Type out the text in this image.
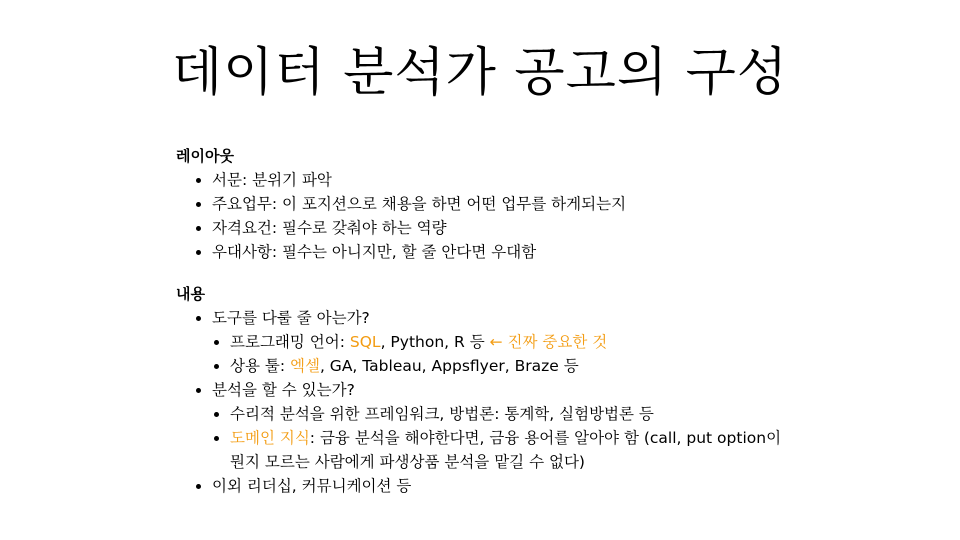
데이터 분석가 공고의 구성
레이아웃
서문: 분위기 파악
주요업무: 이 포지션으로 채용을 하면 어떤 업무를 하게되는지
자격요건: 필수로 갖춰야 하는 역량
우대사항: 필수는 아니지만, 할 줄 안다면 우대함
내용
도구를 다룰 줄 아는가?
프로그래밍 언어: SQL, Python, R 등 ← 진짜 중요한 것
상용 툴: 엑셀, GA, Tableau, Appsflyer, Braze 등
분석을 할 수 있는가?
수리적 분석을 위한 프레임워크, 방법론: 통계학, 실험방법론 등
도메인 지식: 금융 분석을 해야한다면, 금융 용어를 알아야 함 (call, put option이
뭔지 모르는 사람에게 파생상품 분석을 맡길 수 없다)
이외 리더십, 커뮤니케이션 등
